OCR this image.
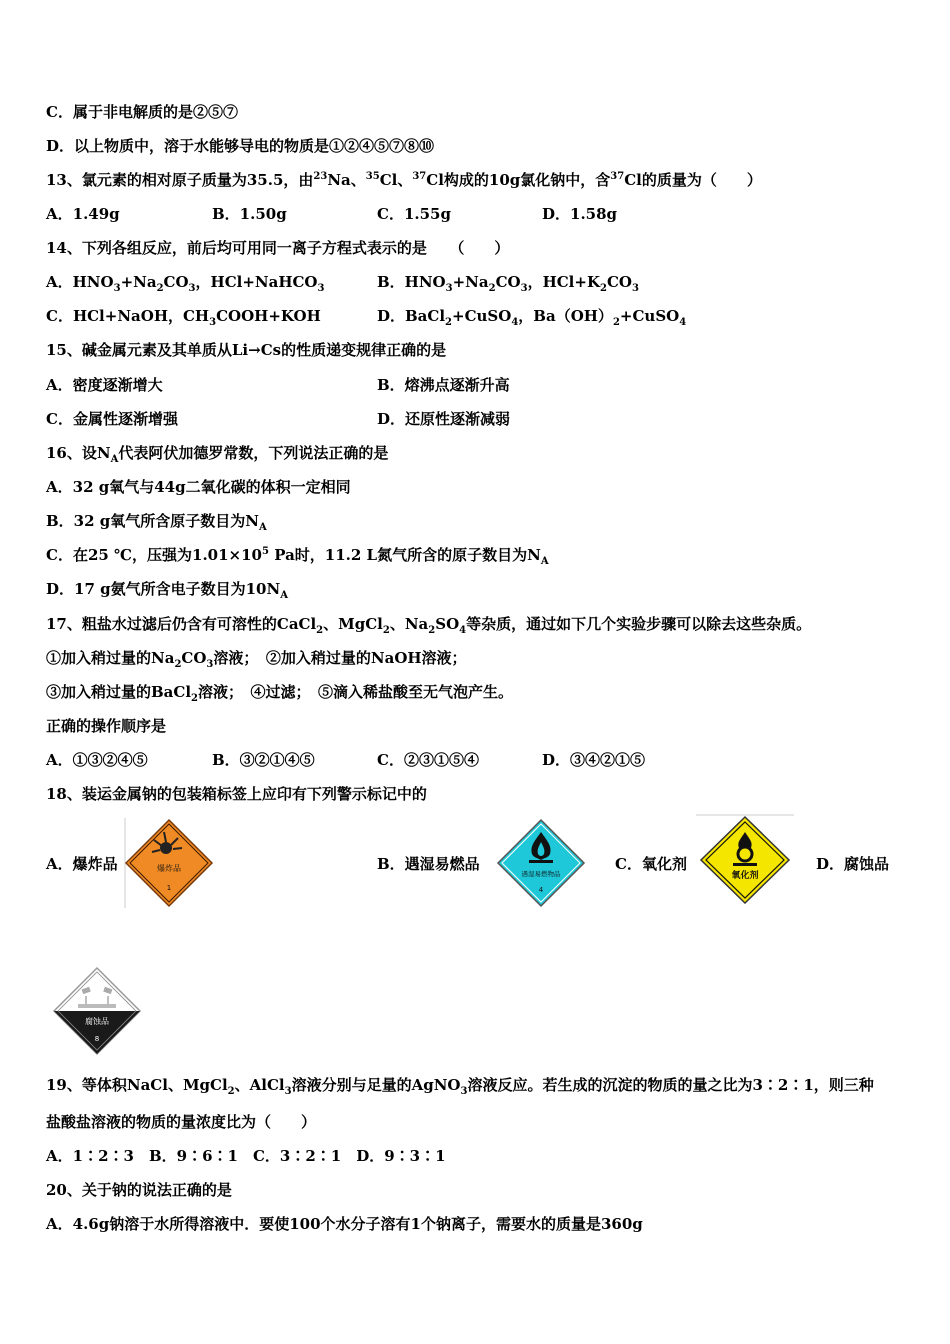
C．属于非电解质的是②⑤⑦
D．以上物质中，溶于水能够导电的物质是①②④⑤⑦⑧⑩
13、氯元素的相对原子质量为35.5，由$^{23}$Na、$^{35}$Cl、$^{37}$Cl构成的10g氯化钠中，含$^{37}$Cl的质量为（　　）
A．1.49g	B．1.50g	C．1.55g	D．1.58g
14、下列各组反应，前后均可用同一离子方程式表示的是　　（　　）
A．$HNO_3+Na_2CO_3$，HCl+NaHCO$_3$	B．$HNO_3+Na_2CO_3$，$HCl+K_2CO_3$
C．HCl+NaOH，$CH_3COOH+KOH$	D．BaCl$_2$+CuSO$_4$，$Ba(OH)_2+CuSO_4$
15、碱金属元素及其单质从Li→Cs的性质递变规律正确的是
A．密度逐渐增大	B．熔沸点逐渐升高
C．金属性逐渐增强	D．还原性逐渐减弱
16、设$N_A$代表阿伏加德罗常数，下列说法正确的是
A．32 g氧气与44g二氧化碳的体积一定相同
B．32 g氧气所含原子数目为$N_A$
C．在25 ℃，压强为$1.01\times 10^5$ Pa时，11.2 L氮气所含的原子数目为$N_A$
D．17 g氨气所含电子数目为$10N_A$
17、粗盐水过滤后仍含有可溶性的CaCl$_2$、MgCl$_2$、$Na_2SO_4$等杂质，通过如下几个实验步骤可以除去这些杂质。
①加入稍过量的$Na_2CO_3$溶液；　②加入稍过量的NaOH溶液；
③加入稍过量的BaCl$_2$溶液；　④过滤；　⑤滴入稀盐酸至无气泡产生。
正确的操作顺序是
A．①③②④⑤	B．③②①④⑤	C．②③①⑤④	D．③④②①⑤
18、装运金属钠的包装箱标签上应印有下列警示标记中的
A．爆炸品	爆炸品
1
B．遇湿易燃品
遇湿易燃物品
4
C．氧化剂
氧化剂
D．腐蚀品
腐蚀品
8
19、等体积NaCl、MgCl$_2$、AlCl$_3$溶液分别与足量的AgNO$_3$溶液反应。若生成的沉淀的物质的量之比为3∶2∶1，则三种
盐酸盐溶液的物质的量浓度比为（　　）
A．1∶2∶3　B．9∶6∶1　C．3∶2∶1　D．9∶3∶1
20、关于钠的说法正确的是
A．4.6g钠溶于水所得溶液中．要使100个水分子溶有1个钠离子，需要水的质量是360g
